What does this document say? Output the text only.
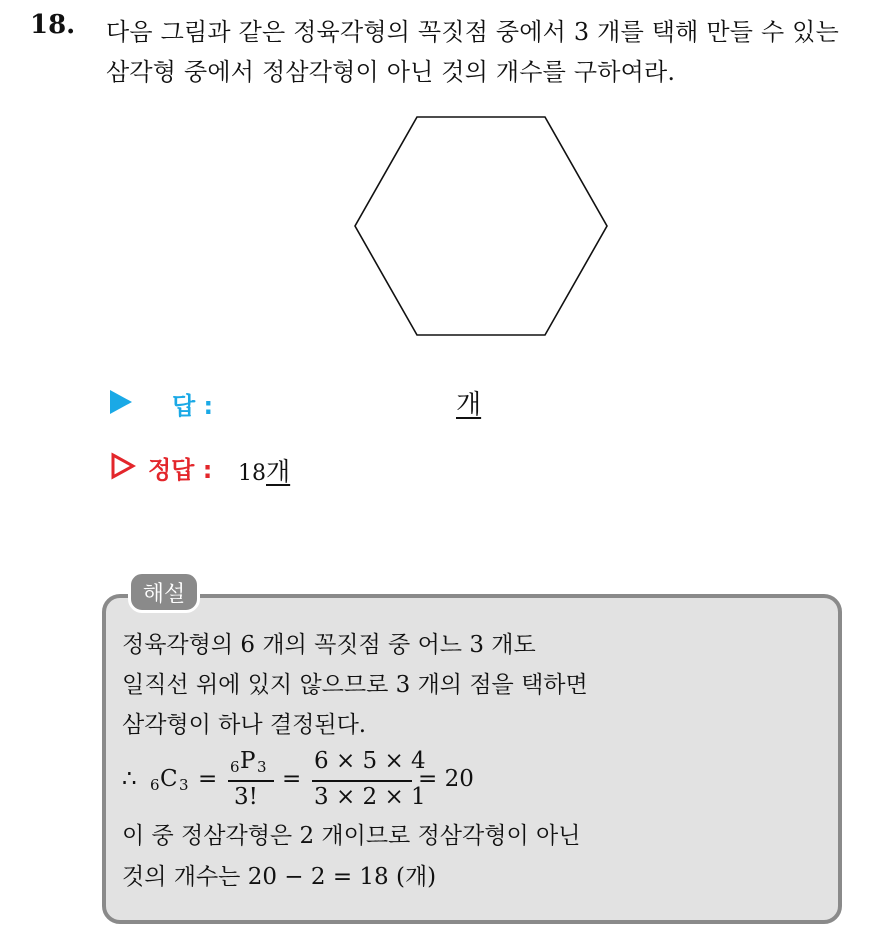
18. 다음 그림과 같은 정육각형의 꼭짓점 중에서 3 개를 택해 만들 수 있는
삼각형 중에서 정삼각형이 아닌 것의 개수를 구하여라.
답 :	개
정답 : 18개
해설
정육각형의 6 개의 꼭짓점 중 어느 3 개도
일직선 위에 있지 않으므로 3 개의 점을 택하면
삼각형이 하나 결정된다.
∴ 6 C 3 = 6 P 3
3!
=
6 × 5 × 4
3 × 2 × 1
= 20
이 중 정삼각형은 2 개이므로 정삼각형이 아닌
것의 개수는 20 − 2 = 18 (개)
